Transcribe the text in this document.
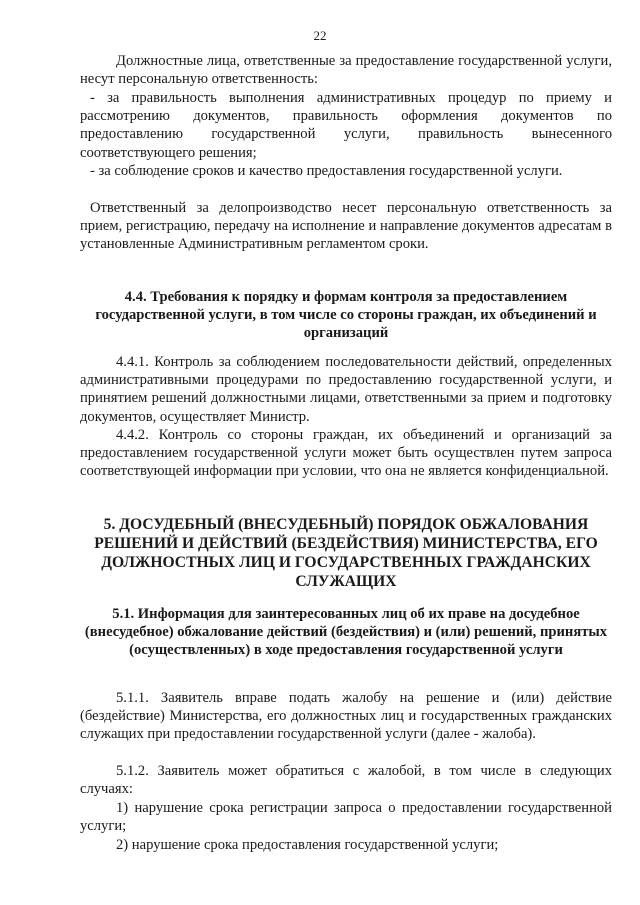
22
Должностные лица, ответственные за предоставление государственной услуги, несут персональную ответственность:
- за правильность выполнения административных процедур по приему и рассмотрению документов, правильность оформления документов по предоставлению государственной услуги, правильность вынесенного соответствующего решения;
- за соблюдение сроков и качество предоставления государственной услуги.
Ответственный за делопроизводство несет персональную ответственность за прием, регистрацию, передачу на исполнение и направление документов адресатам в установленные Административным регламентом сроки.
4.4. Требования к порядку и формам контроля за предоставлением государственной услуги, в том числе со стороны граждан, их объединений и организаций
4.4.1. Контроль за соблюдением последовательности действий, определенных административными процедурами по предоставлению государственной услуги, и принятием решений должностными лицами, ответственными за прием и подготовку документов, осуществляет Министр.
4.4.2. Контроль со стороны граждан, их объединений и организаций за предоставлением государственной услуги может быть осуществлен путем запроса соответствующей информации при условии, что она не является конфиденциальной.
5. ДОСУДЕБНЫЙ (ВНЕСУДЕБНЫЙ) ПОРЯДОК ОБЖАЛОВАНИЯ РЕШЕНИЙ И ДЕЙСТВИЙ (БЕЗДЕЙСТВИЯ) МИНИСТЕРСТВА, ЕГО ДОЛЖНОСТНЫХ ЛИЦ И ГОСУДАРСТВЕННЫХ ГРАЖДАНСКИХ СЛУЖАЩИХ
5.1. Информация для заинтересованных лиц об их праве на досудебное (внесудебное) обжалование действий (бездействия) и (или) решений, принятых (осуществленных) в ходе предоставления государственной услуги
5.1.1. Заявитель вправе подать жалобу на решение и (или) действие (бездействие) Министерства, его должностных лиц и государственных гражданских служащих при предоставлении государственной услуги (далее - жалоба).
5.1.2. Заявитель может обратиться с жалобой, в том числе в следующих случаях:
1) нарушение срока регистрации запроса о предоставлении государственной услуги;
2) нарушение срока предоставления государственной услуги;
